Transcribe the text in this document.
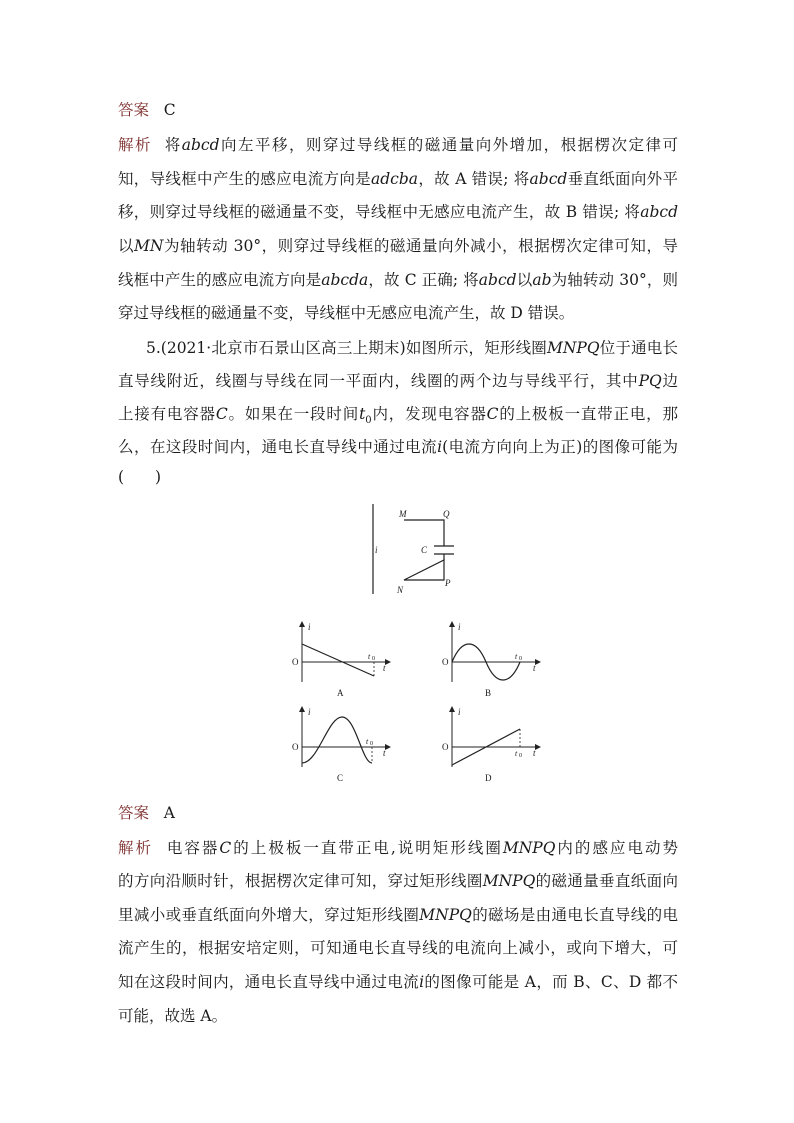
答案 C
解析 将abcd向左平移，则穿过导线框的磁通量向外增加，根据楞次定律可
知，导线框中产生的感应电流方向是adcba，故 A 错误; 将abcd垂直纸面向外平
移，则穿过导线框的磁通量不变，导线框中无感应电流产生，故 B 错误; 将abcd
以MN为轴转动 30°，则穿过导线框的磁通量向外减小，根据楞次定律可知，导
线框中产生的感应电流方向是abcda，故 C 正确; 将abcd以ab为轴转动 30°，则
穿过导线框的磁通量不变，导线框中无感应电流产生，故 D 错误。
5.(2021·北京市石景山区高三上期末)如图所示，矩形线圈MNPQ位于通电长
直导线附近，线圈与导线在同一平面内，线圈的两个边与导线平行，其中PQ边
上接有电容器C。如果在一段时间$t_0$内，发现电容器C的上极板一直带正电，那
么，在这段时间内，通电长直导线中通过电流i(电流方向向上为正)的图像可能为
(　　)
M	Q
C
i
N
P
i
O
t
t 0
A
i
O
t
t 0
B
i
O
t
t 0
C
i
O
t
t 0
D
答案 A
解析 电容器C的上极板一直带正电,说明矩形线圈MNPQ内的感应电动势
的方向沿顺时针，根据楞次定律可知，穿过矩形线圈MNPQ的磁通量垂直纸面向
里减小或垂直纸面向外增大，穿过矩形线圈MNPQ的磁场是由通电长直导线的电
流产生的，根据安培定则，可知通电长直导线的电流向上减小，或向下增大，可
知在这段时间内，通电长直导线中通过电流i的图像可能是 A，而 B、C、D 都不
可能，故选 A。
